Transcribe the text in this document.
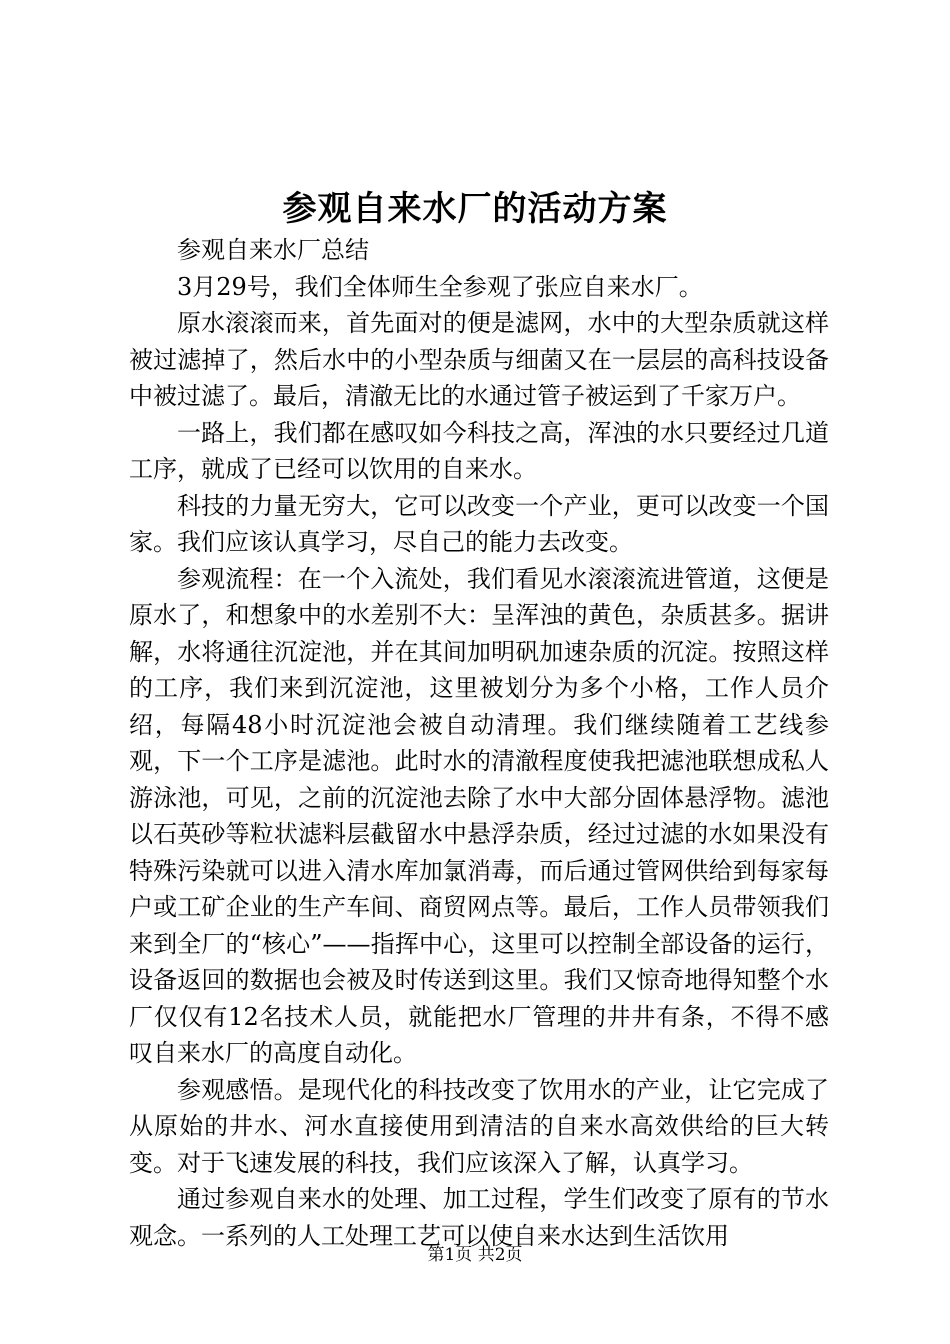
参观自来水厂的活动方案

参观自来水厂总结

3月29号，我们全体师生全参观了张应自来水厂。

原水滚滚而来，首先面对的便是滤网，水中的大型杂质就这样被过滤掉了，然后水中的小型杂质与细菌又在一层层的高科技设备中被过滤了。最后，清澈无比的水通过管子被运到了千家万户。

一路上，我们都在感叹如今科技之高，浑浊的水只要经过几道工序，就成了已经可以饮用的自来水。

科技的力量无穷大，它可以改变一个产业，更可以改变一个国家。我们应该认真学习，尽自己的能力去改变。

参观流程：在一个入流处，我们看见水滚滚流进管道，这便是原水了，和想象中的水差别不大：呈浑浊的黄色，杂质甚多。据讲解，水将通往沉淀池，并在其间加明矾加速杂质的沉淀。按照这样的工序，我们来到沉淀池，这里被划分为多个小格，工作人员介绍，每隔48小时沉淀池会被自动清理。我们继续随着工艺线参观，下一个工序是滤池。此时水的清澈程度使我把滤池联想成私人游泳池，可见，之前的沉淀池去除了水中大部分固体悬浮物。滤池以石英砂等粒状滤料层截留水中悬浮杂质，经过过滤的水如果没有特殊污染就可以进入清水库加氯消毒，而后通过管网供给到每家每户或工矿企业的生产车间、商贸网点等。最后，工作人员带领我们来到全厂的“核心”——指挥中心，这里可以控制全部设备的运行，设备返回的数据也会被及时传送到这里。我们又惊奇地得知整个水厂仅仅有12名技术人员，就能把水厂管理的井井有条，不得不感叹自来水厂的高度自动化。

参观感悟。是现代化的科技改变了饮用水的产业，让它完成了从原始的井水、河水直接使用到清洁的自来水高效供给的巨大转变。对于飞速发展的科技，我们应该深入了解，认真学习。

通过参观自来水的处理、加工过程，学生们改变了原有的节水观念。一系列的人工处理工艺可以使自来水达到生活饮用

第1页 共2页
